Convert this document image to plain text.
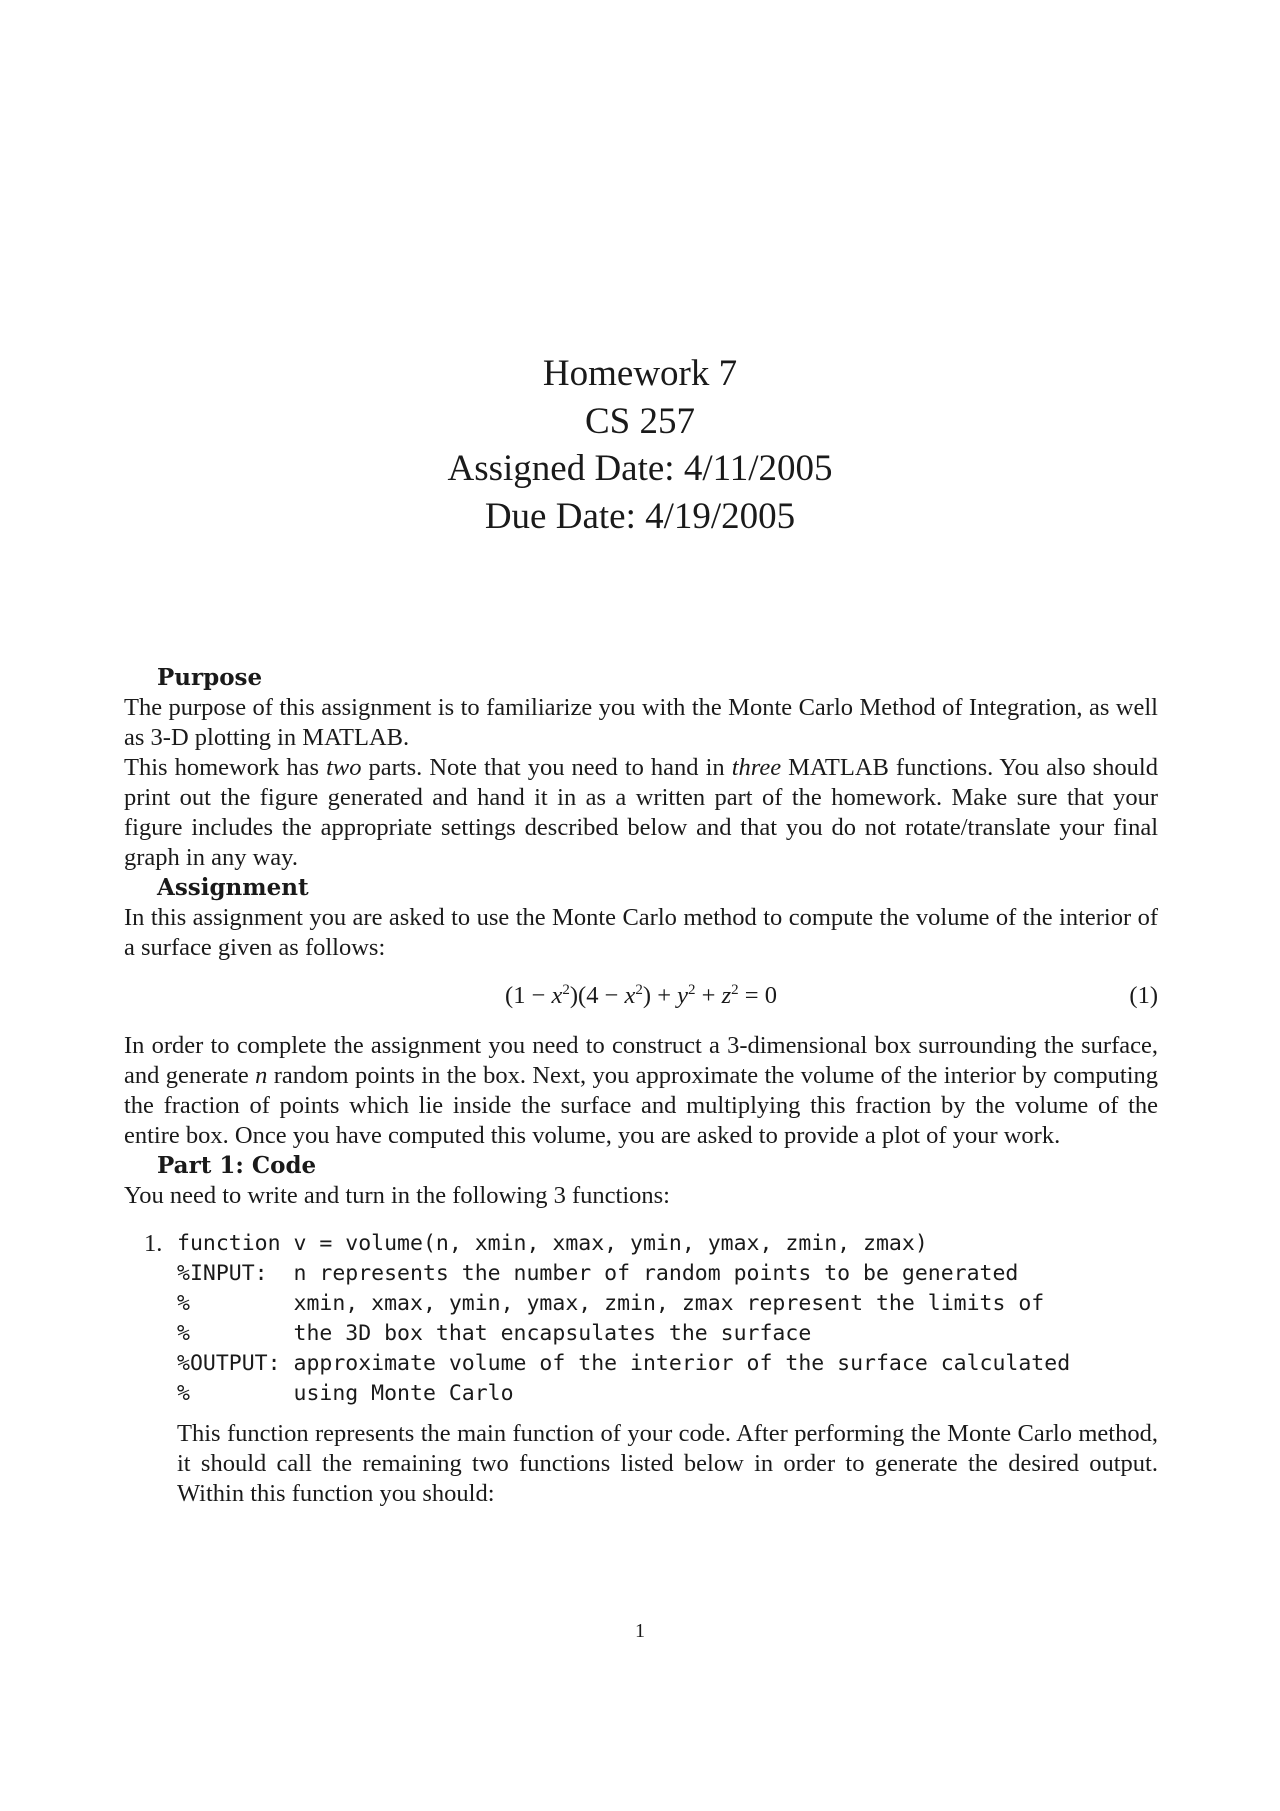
Homework 7
CS 257
Assigned Date: 4/11/2005
Due Date: 4/19/2005
Purpose

The purpose of this assignment is to familiarize you with the Monte Carlo Method of Integration, as well as 3-D plotting in MATLAB.

This homework has two parts. Note that you need to hand in three MATLAB functions. You also should print out the figure generated and hand it in as a written part of the homework. Make sure that your figure includes the appropriate settings described below and that you do not rotate/translate your final graph in any way.

Assignment

In this assignment you are asked to use the Monte Carlo method to compute the volume of the interior of a surface given as follows:

$(1 - x^2)(4 - x^2) + y^2 + z^2 = 0$	(1)

In order to complete the assignment you need to construct a 3-dimensional box surrounding the surface, and generate n random points in the box. Next, you approximate the volume of the interior by computing the fraction of points which lie inside the surface and multiplying this fraction by the volume of the entire box. Once you have computed this volume, you are asked to provide a plot of your work.

Part 1: Code

You need to write and turn in the following 3 functions:

1. function v = volume(n, xmin, xmax, ymin, ymax, zmin, zmax)
%INPUT:  n represents the number of random points to be generated
%        xmin, xmax, ymin, ymax, zmin, zmax represent the limits of
%        the 3D box that encapsulates the surface
%OUTPUT: approximate volume of the interior of the surface calculated
%        using Monte Carlo

This function represents the main function of your code. After performing the Monte Carlo method, it should call the remaining two functions listed below in order to generate the desired output. Within this function you should:

1
